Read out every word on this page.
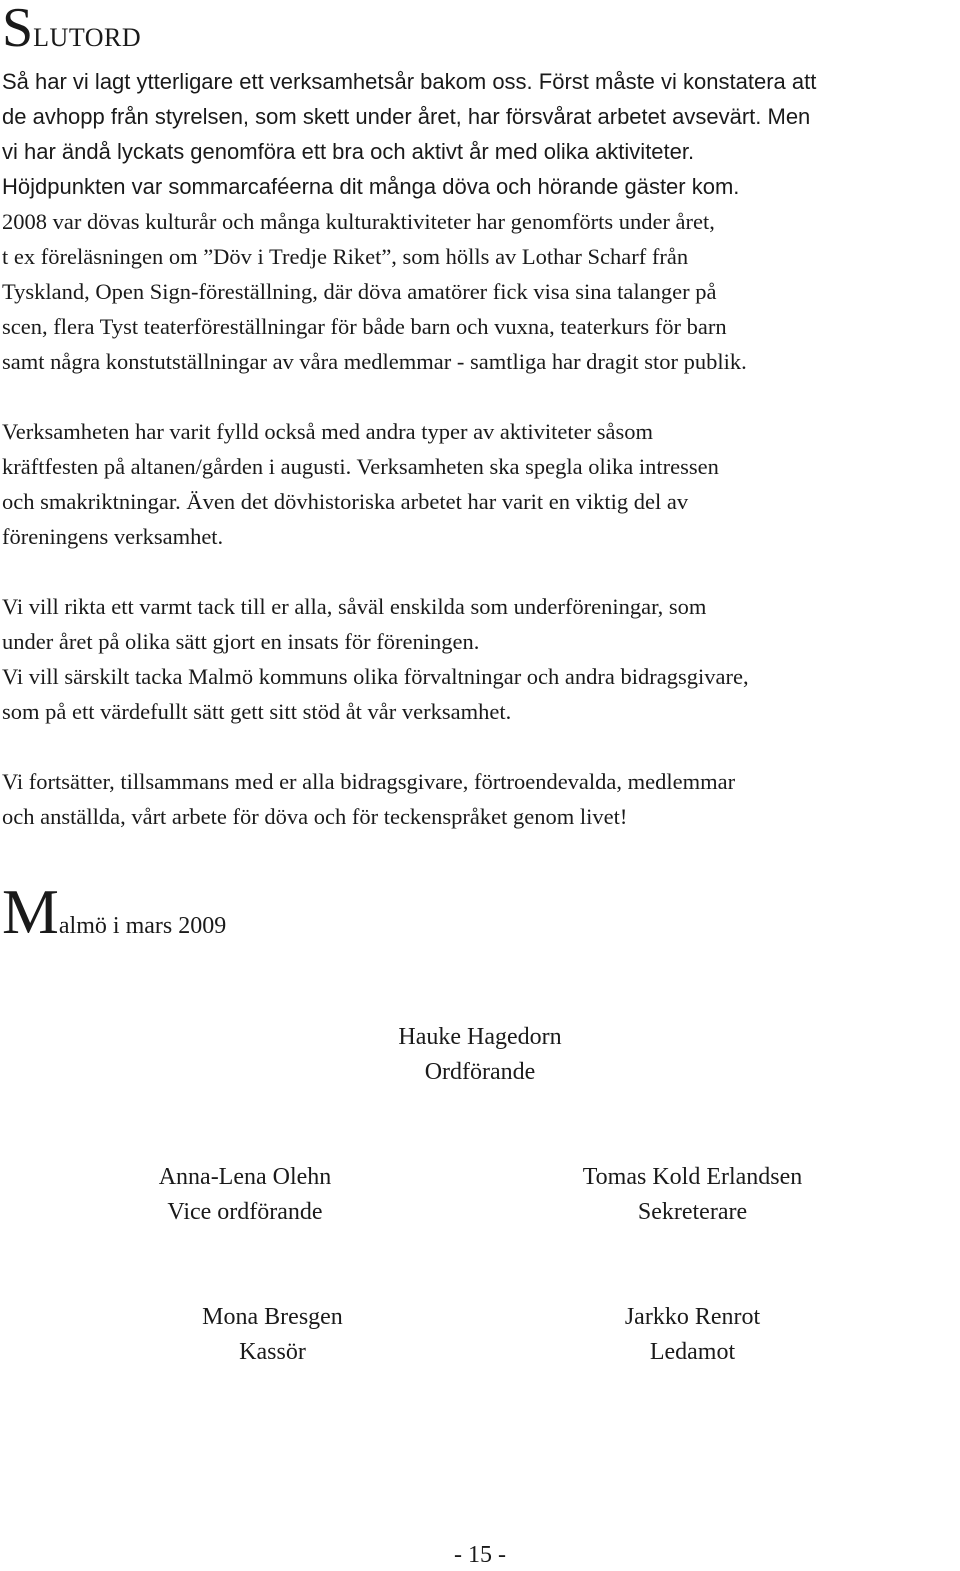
SLUTORD

Så har vi lagt ytterligare ett verksamhetsår bakom oss. Först måste vi konstatera att
de avhopp från styrelsen, som skett under året, har försvårat arbetet avsevärt. Men
vi har ändå lyckats genomföra ett bra och aktivt år med olika aktiviteter.
Höjdpunkten var sommarcaféerna dit många döva och hörande gäster kom.

2008 var dövas kulturår och många kulturaktiviteter har genomförts under året,
t ex föreläsningen om ”Döv i Tredje Riket”, som hölls av Lothar Scharf från
Tyskland, Open Sign-föreställning, där döva amatörer fick visa sina talanger på
scen, flera Tyst teaterföreställningar för både barn och vuxna, teaterkurs för barn
samt några konstutställningar av våra medlemmar - samtliga har dragit stor publik.

Verksamheten har varit fylld också med andra typer av aktiviteter såsom
kräftfesten på altanen/gården i augusti. Verksamheten ska spegla olika intressen
och smakriktningar. Även det dövhistoriska arbetet har varit en viktig del av
föreningens verksamhet.

Vi vill rikta ett varmt tack till er alla, såväl enskilda som underföreningar, som
under året på olika sätt gjort en insats för föreningen.
Vi vill särskilt tacka Malmö kommuns olika förvaltningar och andra bidragsgivare,
som på ett värdefullt sätt gett sitt stöd åt vår verksamhet.

Vi fortsätter, tillsammans med er alla bidragsgivare, förtroendevalda, medlemmar
och anställda, vårt arbete för döva och för teckenspråket genom livet!

Malmö i mars 2009

Hauke Hagedorn
Ordförande
Anna-Lena Olehn
Vice ordförande
Tomas Kold Erlandsen
Sekreterare
Mona Bresgen
Kassör
Jarkko Renrot
Ledamot
- 15 -
